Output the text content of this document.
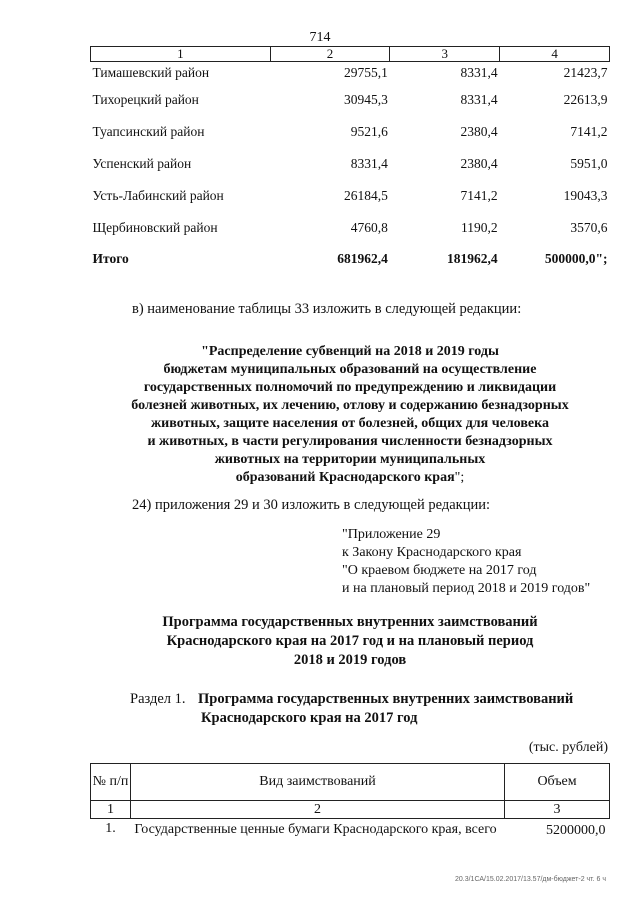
714
1	2	3	4
Тимашевский район	29755,1	8331,4	21423,7
Тихорецкий район	30945,3	8331,4	22613,9
Туапсинский район	9521,6	2380,4	7141,2
Успенский район	8331,4	2380,4	5951,0
Усть-Лабинский район	26184,5	7141,2	19043,3
Щербиновский район	4760,8	1190,2	3570,6
Итого	681962,4	181962,4	500000,0";
в) наименование таблицы 33 изложить в следующей редакции:
"Распределение субвенций на 2018 и 2019 годы
бюджетам муниципальных образований на осуществление
государственных полномочий по предупреждению и ликвидации
болезней животных, их лечению, отлову и содержанию безнадзорных
животных, защите населения от болезней, общих для человека
и животных, в части регулирования численности безнадзорных
животных на территории муниципальных
образований Краснодарского края";
24) приложения 29 и 30 изложить в следующей редакции:
"Приложение 29
к Закону Краснодарского края
"О краевом бюджете на 2017 год
и на плановый период 2018 и 2019 годов"
Программа государственных внутренних заимствований
Краснодарского края на 2017 год и на плановый период
2018 и 2019 годов
Раздел 1. Программа государственных внутренних заимствований
Краснодарского края на 2017 год
(тыс. рублей)
№ п/п	Вид заимствований	Объем
1	2	3
1.	Государственные ценные бумаги Краснодарского края, всего	5200000,0
20.3/1СА/15.02.2017/13.57/дм-бюджет-2 чт. 6 ч
